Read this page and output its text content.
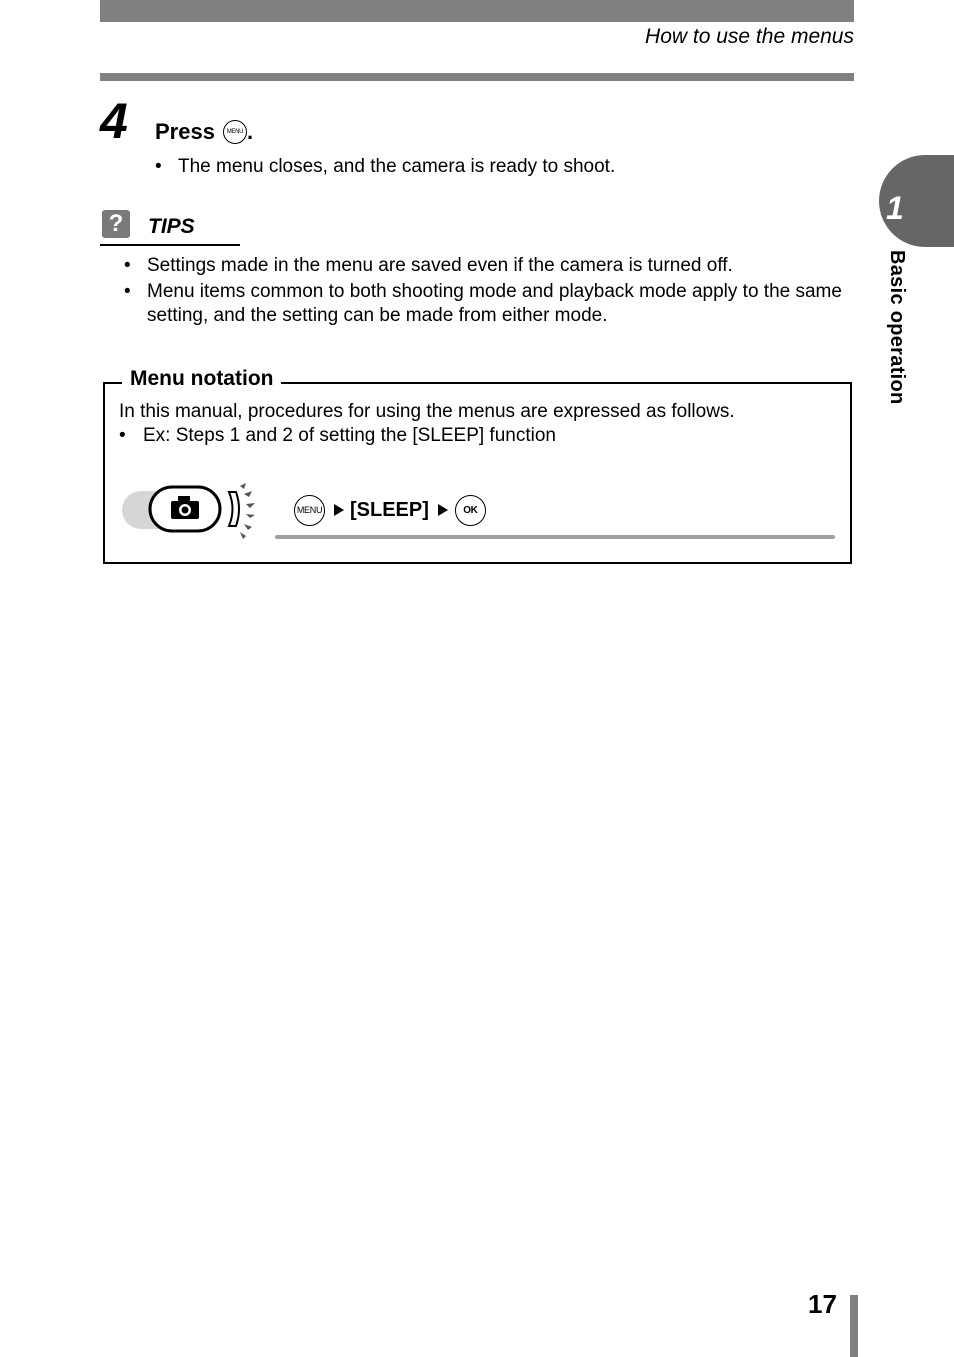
How to use the menus
4 Press	MENU .
• The menu closes, and the camera is ready to shoot.
?	TIPS
• Settings made in the menu are saved even if the camera is turned off.
• Menu items common to both shooting mode and playback mode apply to the same setting, and the setting can be made from either mode.
Menu notation
In this manual, procedures for using the menus are expressed as follows.
• Ex: Steps 1 and 2 of setting the [SLEEP] function
MENU [SLEEP]	OK
1
Basic operation
17
